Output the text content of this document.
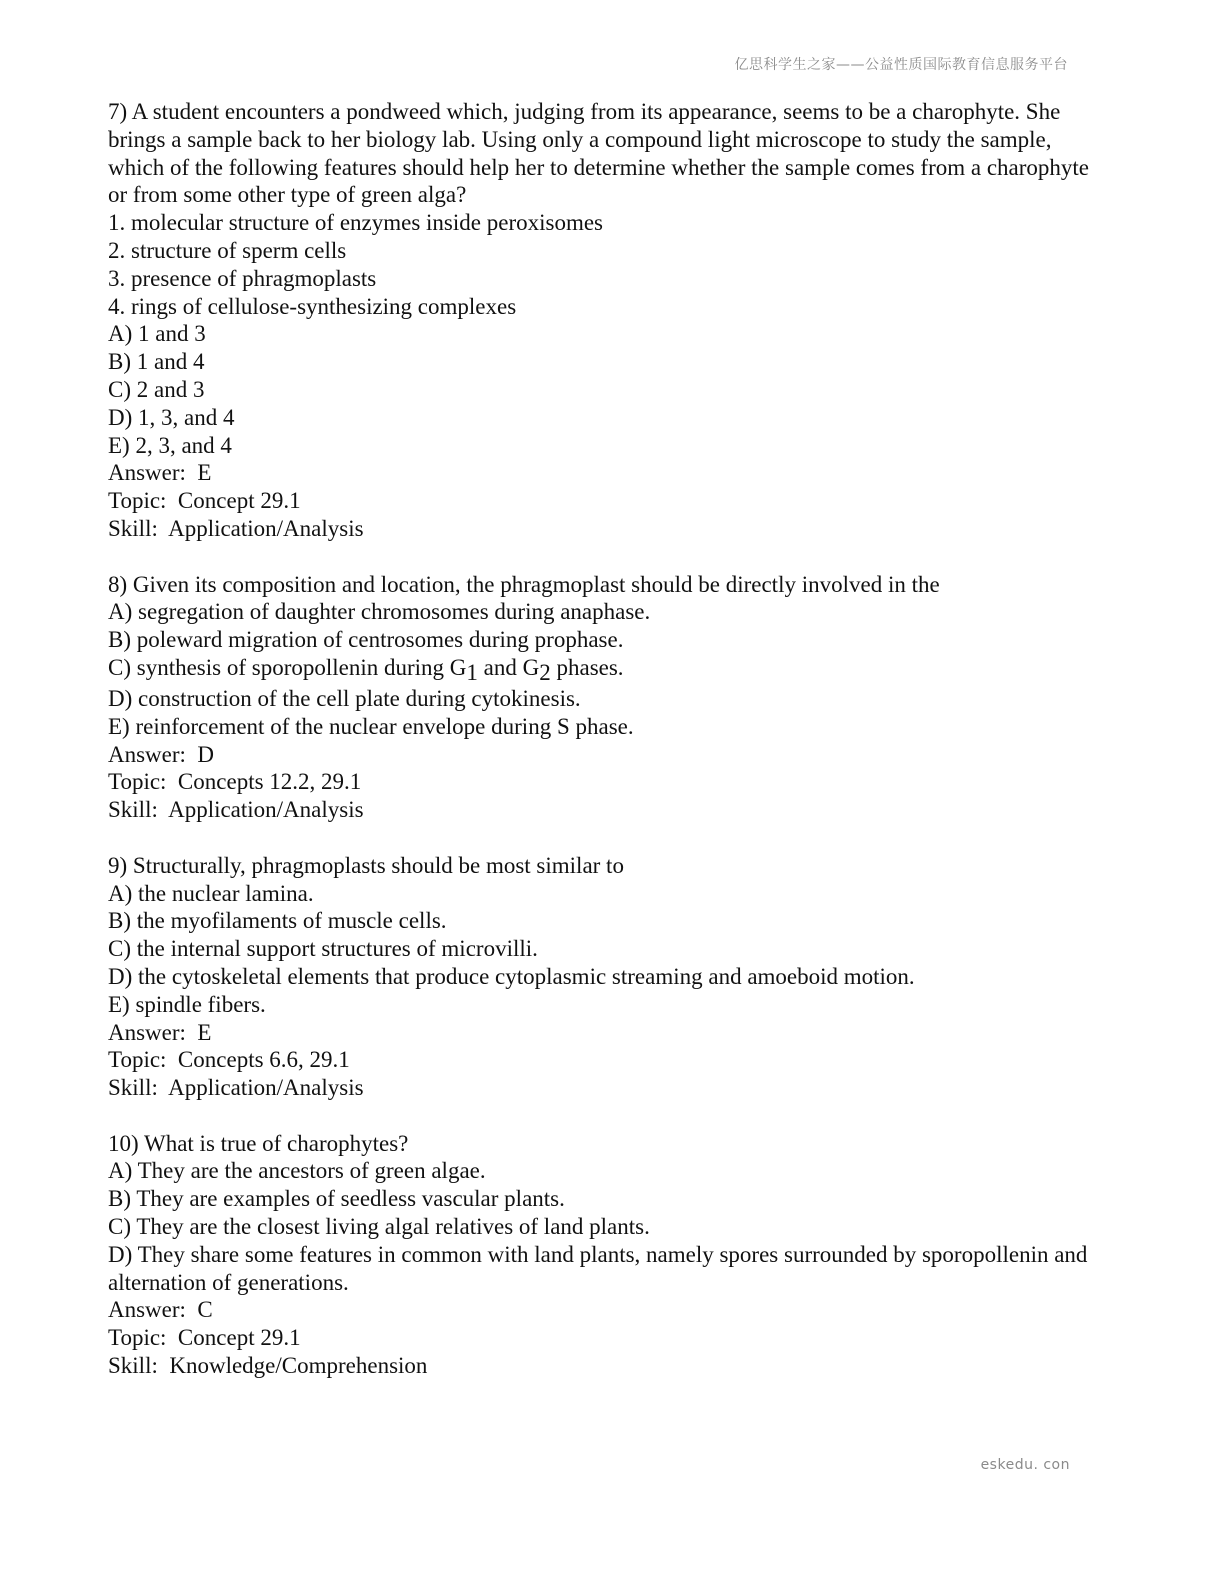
亿思科学生之家——公益性质国际教育信息服务平台
7) A student encounters a pondweed which, judging from its appearance, seems to be a charophyte. She brings a sample back to her biology lab. Using only a compound light microscope to study the sample, which of the following features should help her to determine whether the sample comes from a charophyte or from some other type of green alga?
1. molecular structure of enzymes inside peroxisomes
2. structure of sperm cells
3. presence of phragmoplasts
4. rings of cellulose-synthesizing complexes
A) 1 and 3
B) 1 and 4
C) 2 and 3
D) 1, 3, and 4
E) 2, 3, and 4
Answer:  E
Topic:  Concept 29.1
Skill:  Application/Analysis
8) Given its composition and location, the phragmoplast should be directly involved in the
A) segregation of daughter chromosomes during anaphase.
B) poleward migration of centrosomes during prophase.
C) synthesis of sporopollenin during $G_1$ and $G_2$ phases.
D) construction of the cell plate during cytokinesis.
E) reinforcement of the nuclear envelope during S phase.
Answer:  D
Topic:  Concepts 12.2, 29.1
Skill:  Application/Analysis
9) Structurally, phragmoplasts should be most similar to
A) the nuclear lamina.
B) the myofilaments of muscle cells.
C) the internal support structures of microvilli.
D) the cytoskeletal elements that produce cytoplasmic streaming and amoeboid motion.
E) spindle fibers.
Answer:  E
Topic:  Concepts 6.6, 29.1
Skill:  Application/Analysis
10) What is true of charophytes?
A) They are the ancestors of green algae.
B) They are examples of seedless vascular plants.
C) They are the closest living algal relatives of land plants.
D) They share some features in common with land plants, namely spores surrounded by sporopollenin and alternation of generations.
Answer:  C
Topic:  Concept 29.1
Skill:  Knowledge/Comprehension
eskedu. con
